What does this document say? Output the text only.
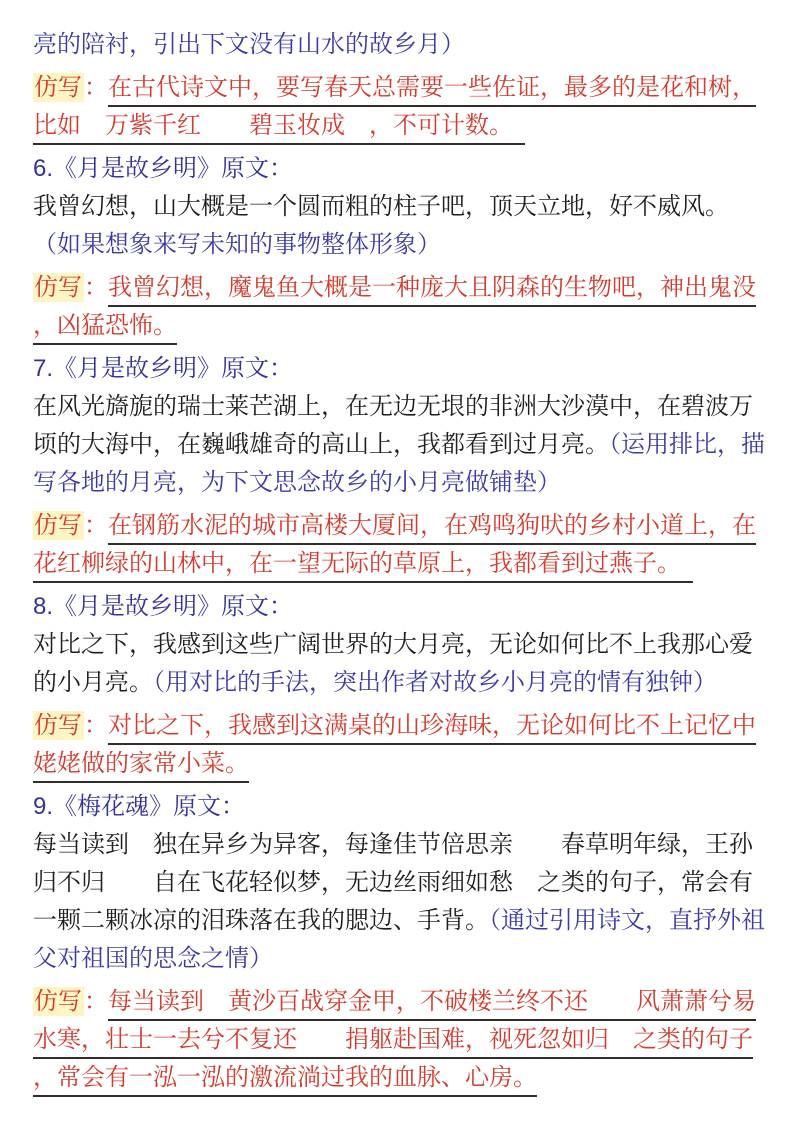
亮的陪衬，引出下文没有山水的故乡月）
仿写：在古代诗文中，要写春天总需要一些佐证，最多的是花和树，
比如　万紫千红　　碧玉妆成　，不可计数。　
6.《月是故乡明》原文：
我曾幻想，山大概是一个圆而粗的柱子吧，顶天立地，好不威风。
（如果想象来写未知的事物整体形象）
仿写：我曾幻想，魔鬼鱼大概是一种庞大且阴森的生物吧，神出鬼没
，凶猛恐怖。
7.《月是故乡明》原文：
在风光旖旎的瑞士莱芒湖上，在无边无垠的非洲大沙漠中，在碧波万
顷的大海中，在巍峨雄奇的高山上，我都看到过月亮。（运用排比，描
写各地的月亮，为下文思念故乡的小月亮做铺垫）
仿写：在钢筋水泥的城市高楼大厦间，在鸡鸣狗吠的乡村小道上，在
花红柳绿的山林中，在一望无际的草原上，我都看到过燕子。　
8.《月是故乡明》原文：
对比之下，我感到这些广阔世界的大月亮，无论如何比不上我那心爱
的小月亮。（用对比的手法，突出作者对故乡小月亮的情有独钟）
仿写：对比之下，我感到这满桌的山珍海味，无论如何比不上记忆中
姥姥做的家常小菜。
9.《梅花魂》原文：
每当读到　独在异乡为异客，每逢佳节倍思亲　　春草明年绿，王孙
归不归　　自在飞花轻似梦，无边丝雨细如愁　之类的句子，常会有
一颗二颗冰凉的泪珠落在我的腮边、手背。（通过引用诗文，直抒外祖
父对祖国的思念之情）
仿写：每当读到　黄沙百战穿金甲，不破楼兰终不还　　风萧萧兮易
水寒，壮士一去兮不复还　　捐躯赴国难，视死忽如归　之类的句子
，常会有一泓一泓的激流淌过我的血脉、心房。
